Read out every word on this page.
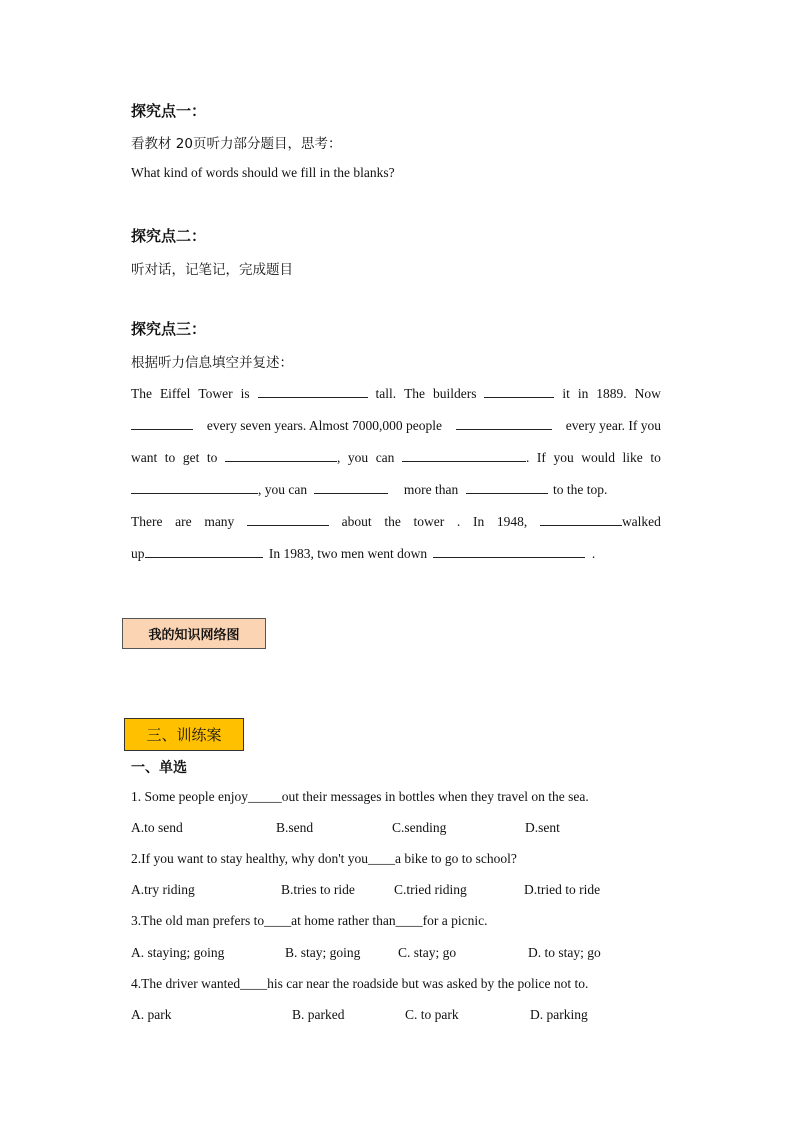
探究点一：
看教材 20页听力部分题目，思考：
What kind of words should we fill in the blanks?
探究点二：
听对话，记笔记，完成题目
探究点三：
根据听力信息填空并复述：
The Eiffel Tower is	tall. The builders	it in 1889. Now
every seven years. Almost 7000,000 people	every year. If you
want to get to	, you can	. If you would like to
, you can	more than	to the top.
There are many	about the tower . In 1948,	walked
up	In 1983, two men went down	.
我的知识网络图
三、训练案
一、单选
1. Some people enjoy_____out their messages in bottles when they travel on the sea.
A.to send	B.send	C.sending	D.sent
2.If you want to stay healthy, why don't you____a bike to go to school?
A.try riding	B.tries to ride	C.tried riding	D.tried to ride
3.The old man prefers to____at home rather than____for a picnic.
A. staying; going	B. stay; going	C. stay; go	D. to stay; go
4.The driver wanted____his car near the roadside but was asked by the police not to.
A. park	B. parked	C. to park	D. parking
